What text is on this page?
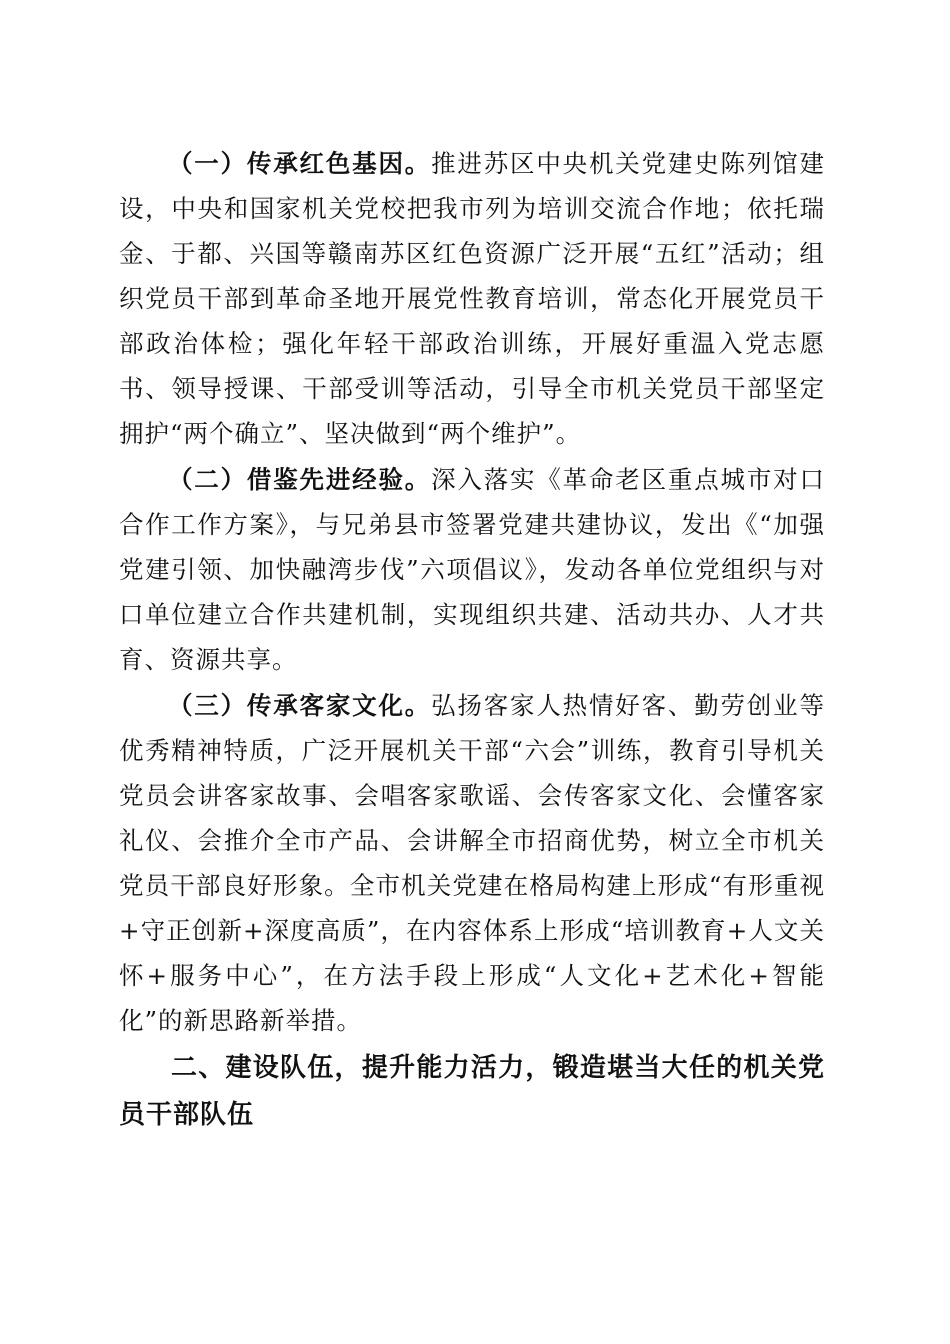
（一）传承红色基因。推进苏区中央机关党建史陈列馆建设，中央和国家机关党校把我市列为培训交流合作地；依托瑞金、于都、兴国等赣南苏区红色资源广泛开展“五红”活动；组织党员干部到革命圣地开展党性教育培训，常态化开展党员干部政治体检；强化年轻干部政治训练，开展好重温入党志愿书、领导授课、干部受训等活动，引导全市机关党员干部坚定拥护“两个确立”、坚决做到“两个维护”。

（二）借鉴先进经验。深入落实《革命老区重点城市对口合作工作方案》，与兄弟县市签署党建共建协议，发出《“加强党建引领、加快融湾步伐”六项倡议》，发动各单位党组织与对口单位建立合作共建机制，实现组织共建、活动共办、人才共育、资源共享。

（三）传承客家文化。弘扬客家人热情好客、勤劳创业等优秀精神特质，广泛开展机关干部“六会”训练，教育引导机关党员会讲客家故事、会唱客家歌谣、会传客家文化、会懂客家礼仪、会推介全市产品、会讲解全市招商优势，树立全市机关党员干部良好形象。全市机关党建在格局构建上形成“有形重视+守正创新+深度高质”，在内容体系上形成“培训教育+人文关怀+服务中心”，在方法手段上形成“人文化+艺术化+智能化”的新思路新举措。

二、建设队伍，提升能力活力，锻造堪当大任的机关党员干部队伍
